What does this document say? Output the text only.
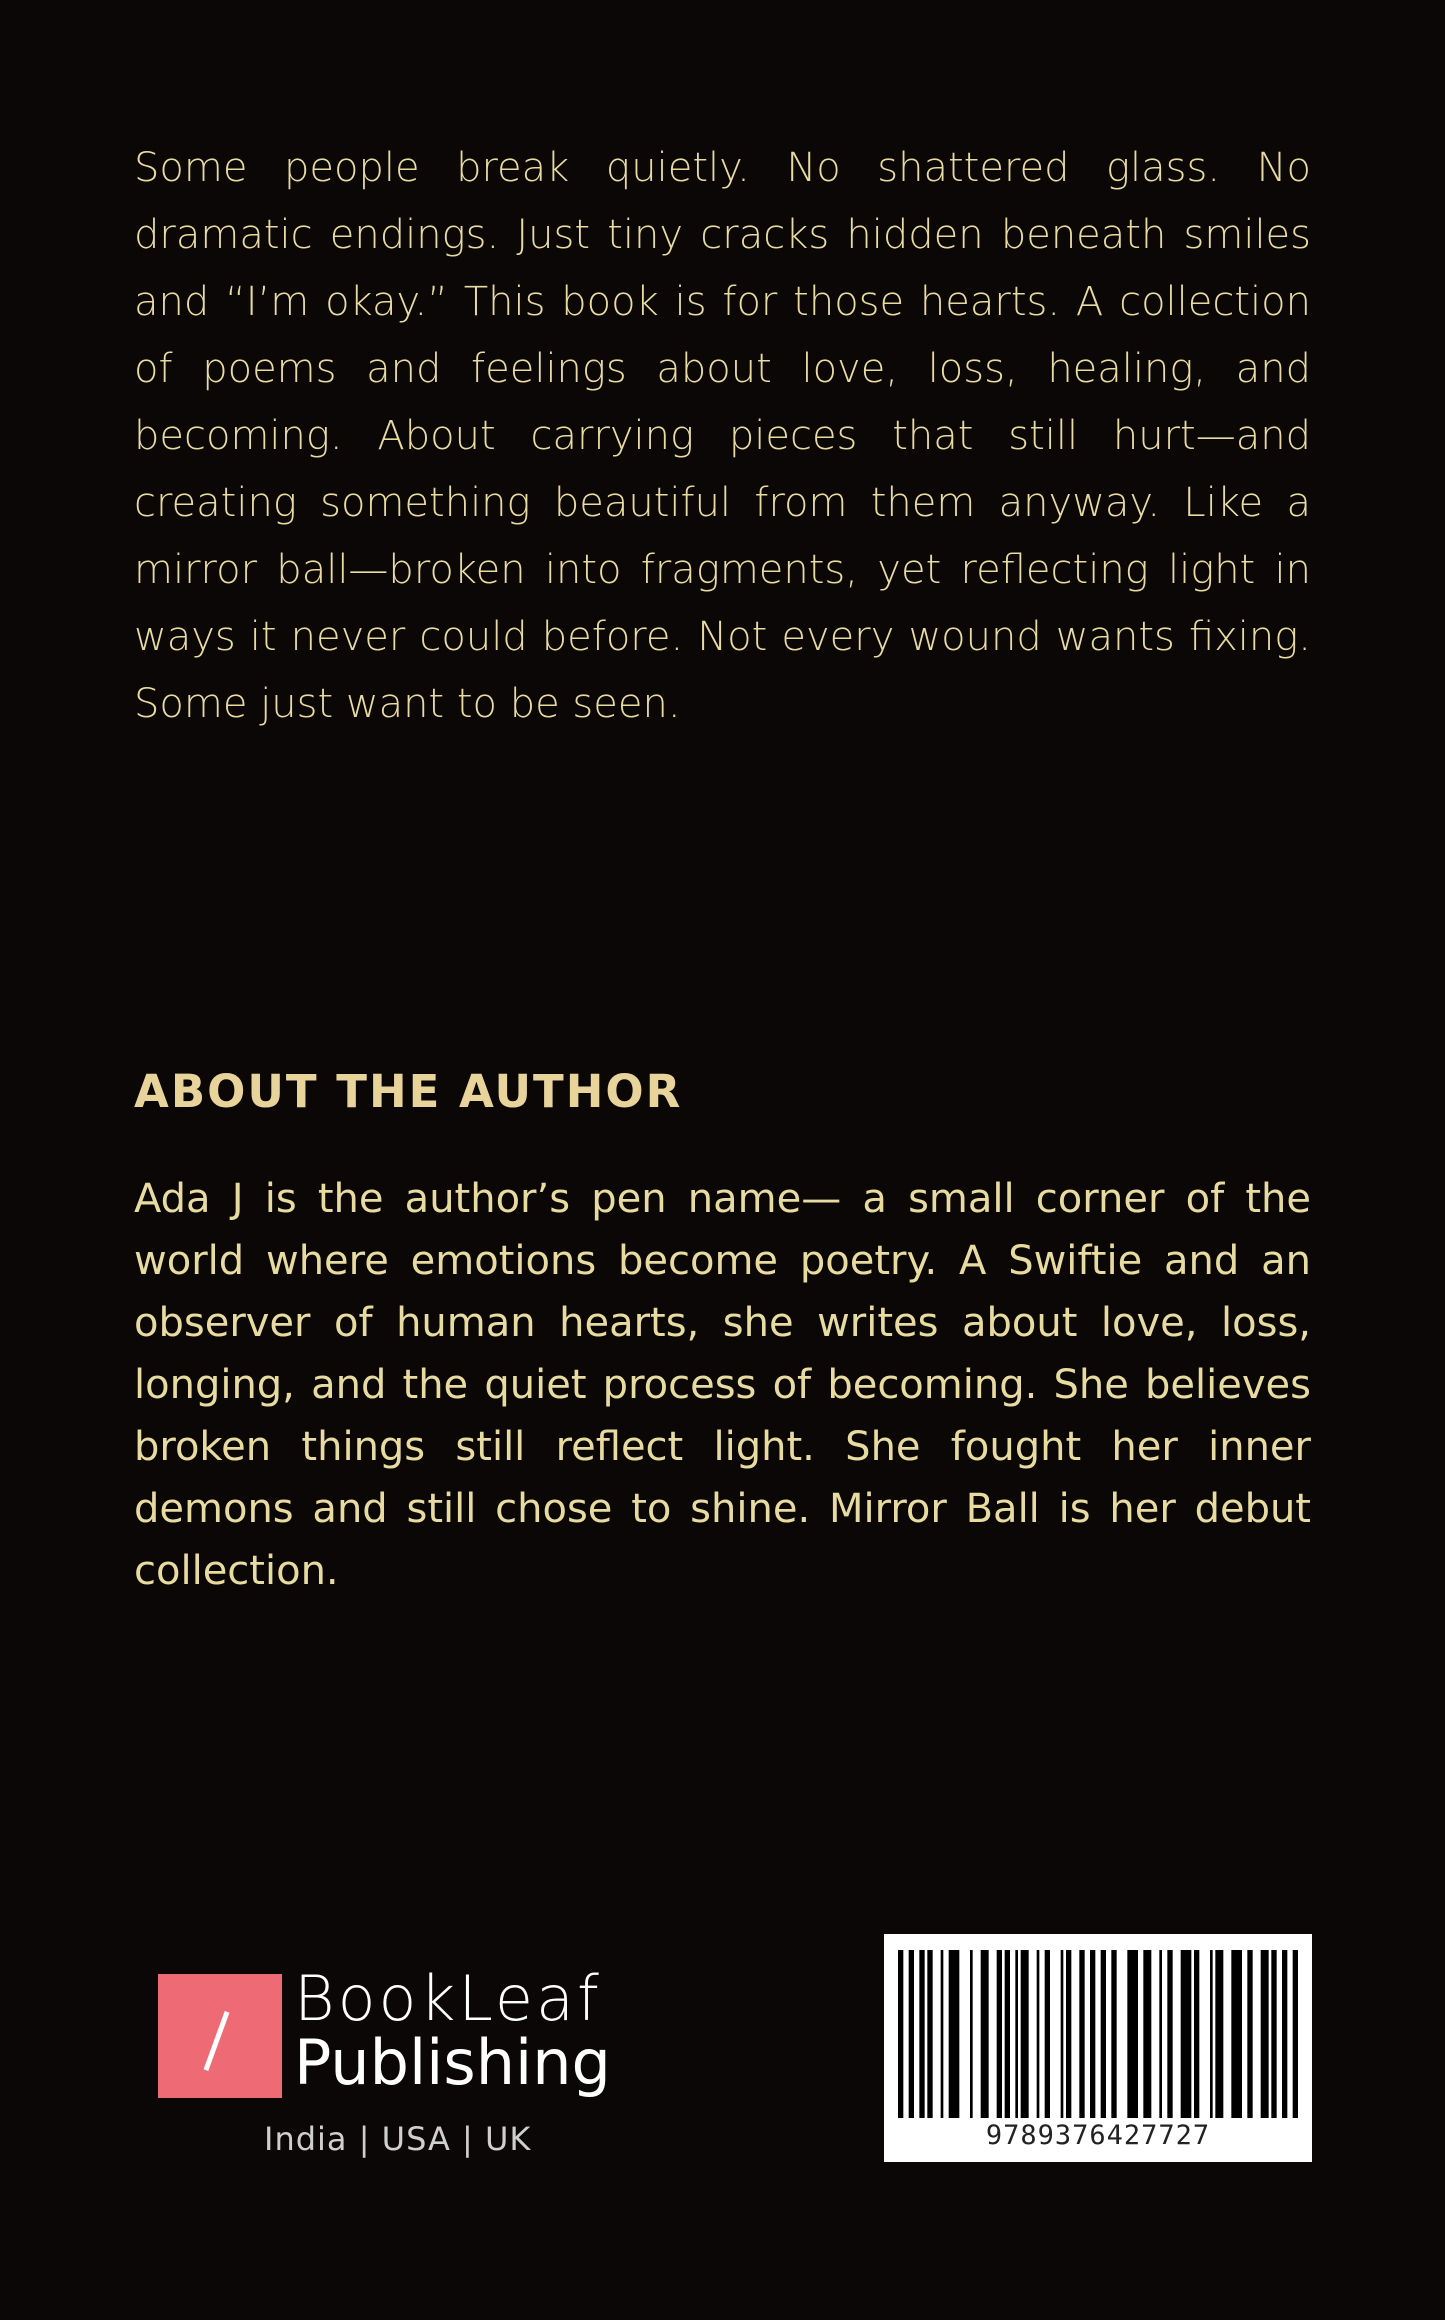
Some people break quietly. No shattered glass. No dramatic endings. Just tiny cracks hidden beneath smiles and “I’m okay.” This book is for those hearts. A collection of poems and feelings about love, loss, healing, and becoming. About carrying pieces that still hurt—and creating something beautiful from them anyway. Like a mirror ball—broken into fragments, yet reflecting light in ways it never could before. Not every wound wants fixing. Some just want to be seen.

ABOUT THE AUTHOR

Ada J is the author’s pen name— a small corner of the world where emotions become poetry. A Swiftie and an observer of human hearts, she writes about love, loss, longing, and the quiet process of becoming. She believes broken things still reflect light. She fought her inner demons and still chose to shine. Mirror Ball is her debut collection.

BookLeaf
Publishing
India | USA | UK	9789376427727
